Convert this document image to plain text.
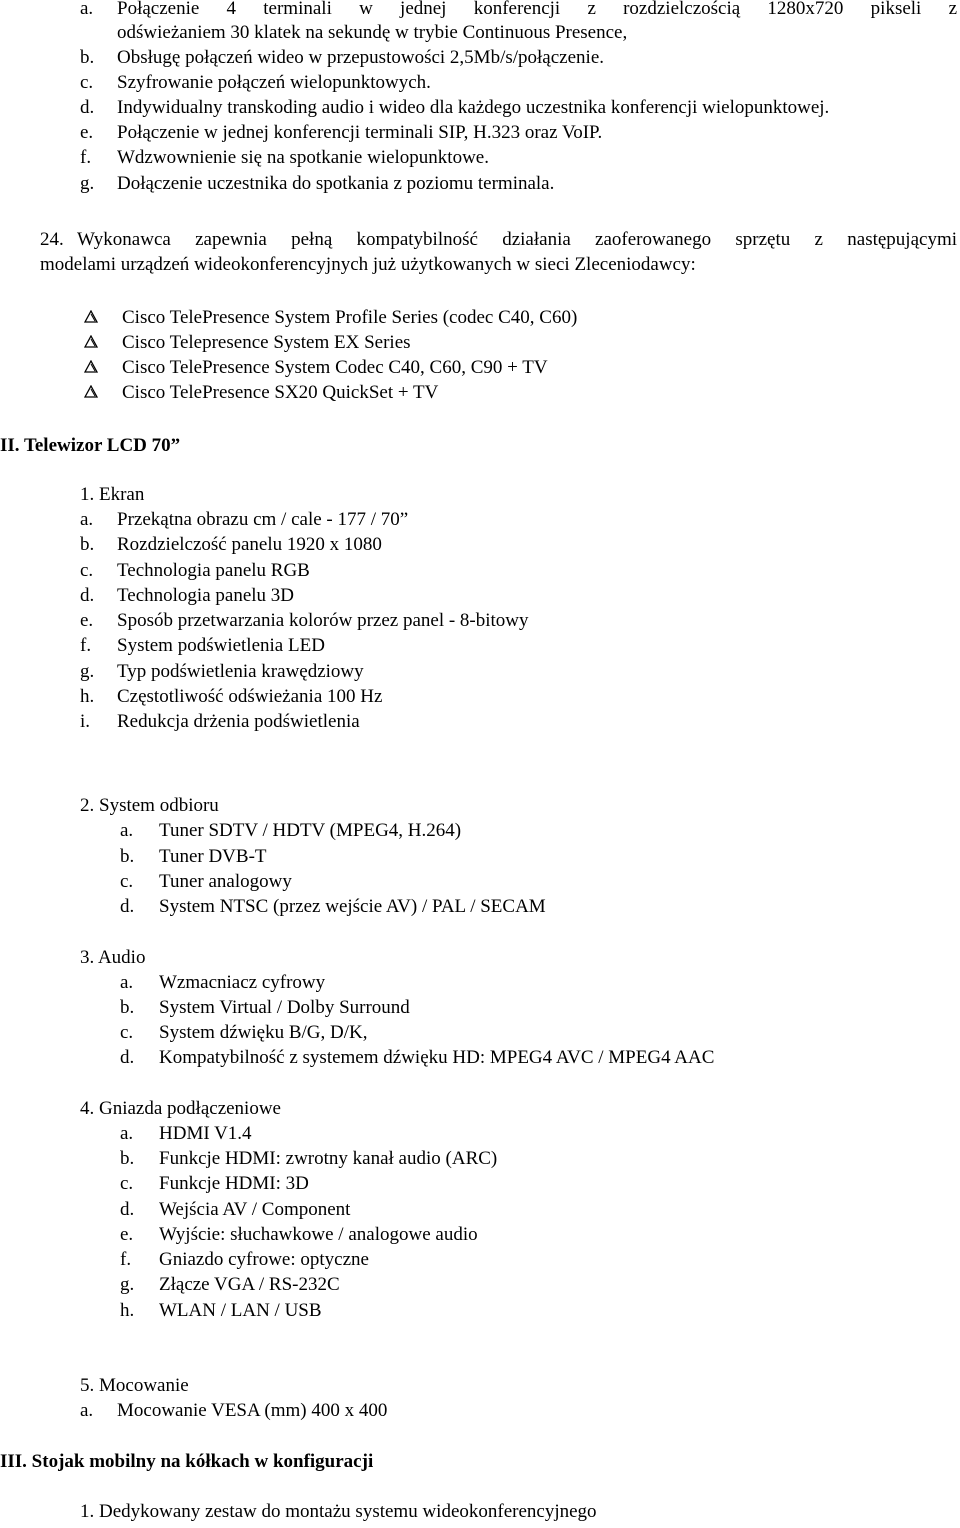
a. Połączenie 4 terminali w jednej konferencji z rozdzielczością 1280x720 pikseli z
odświeżaniem 30 klatek na sekundę w trybie Continuous Presence,
b. Obsługę połączeń wideo w przepustowości 2,5Mb/s/połączenie.
c. Szyfrowanie połączeń wielopunktowych.
d. Indywidualny transkoding audio i wideo dla każdego uczestnika konferencji wielopunktowej.
e. Połączenie w jednej konferencji terminali SIP, H.323 oraz VoIP.
f. Wdzwownienie się na spotkanie wielopunktowe.
g. Dołączenie uczestnika do spotkania z poziomu terminala.
24. Wykonawca zapewnia pełną kompatybilność działania zaoferowanego sprzętu z następującymi
modelami urządzeń wideokonferencyjnych już użytkowanych w sieci Zleceniodawcy:
Cisco TelePresence System Profile Series (codec C40, C60)
Cisco Telepresence System EX Series
Cisco TelePresence System Codec C40, C60, C90 + TV
Cisco TelePresence SX20 QuickSet + TV
II. Telewizor LCD 70”
1. Ekran
a. Przekątna obrazu cm / cale - 177 / 70”
b. Rozdzielczość panelu 1920 x 1080
c. Technologia panelu RGB
d. Technologia panelu 3D
e. Sposób przetwarzania kolorów przez panel - 8-bitowy
f. System podświetlenia LED
g. Typ podświetlenia krawędziowy
h. Częstotliwość odświeżania 100 Hz
i. Redukcja drżenia podświetlenia
2. System odbioru
a. Tuner SDTV / HDTV (MPEG4, H.264)
b. Tuner DVB-T
c. Tuner analogowy
d. System NTSC (przez wejście AV) / PAL / SECAM
3. Audio
a. Wzmacniacz cyfrowy
b. System Virtual / Dolby Surround
c. System dźwięku B/G, D/K,
d. Kompatybilność z systemem dźwięku HD: MPEG4 AVC / MPEG4 AAC
4. Gniazda podłączeniowe
a. HDMI V1.4
b. Funkcje HDMI: zwrotny kanał audio (ARC)
c. Funkcje HDMI: 3D
d. Wejścia AV / Component
e. Wyjście: słuchawkowe / analogowe audio
f. Gniazdo cyfrowe: optyczne
g. Złącze VGA / RS-232C
h. WLAN / LAN / USB
5. Mocowanie
a. Mocowanie VESA (mm) 400 x 400
III. Stojak mobilny na kółkach w konfiguracji
1. Dedykowany zestaw do montażu systemu wideokonferencyjnego
